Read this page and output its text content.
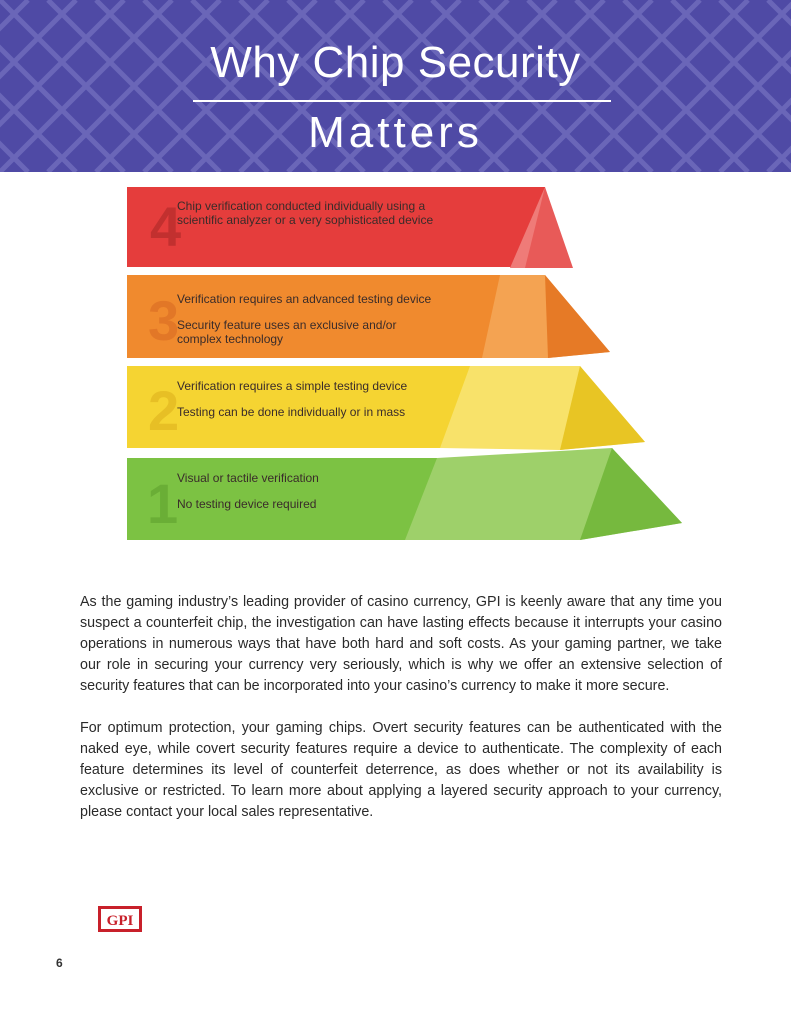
Why Chip Security
Matters
4
3
2
1
Chip verification conducted individually using a
scientific analyzer or a very sophisticated device
Verification requires an advanced testing device
Security feature uses an exclusive and/or
complex technology
Verification requires a simple testing device
Testing can be done individually or in mass
Visual or tactile verification
No testing device required

As the gaming industry’s leading provider of casino currency, GPI is keenly aware that any time you suspect a counterfeit chip, the investigation can have lasting effects because it interrupts your casino operations in numerous ways that have both hard and soft costs. As your gaming partner, we take our role in securing your currency very seriously, which is why we offer an extensive selection of security features that can be incorporated into your casino’s currency to make it more secure.

For optimum protection, your gaming chips. Overt security features can be authenticated with the naked eye, while covert security features require a device to authenticate. The complexity of each feature determines its level of counterfeit deterrence, as does whether or not its availability is exclusive or restricted. To learn more about applying a layered security approach to your currency, please contact your local sales representative.

GPI
6
